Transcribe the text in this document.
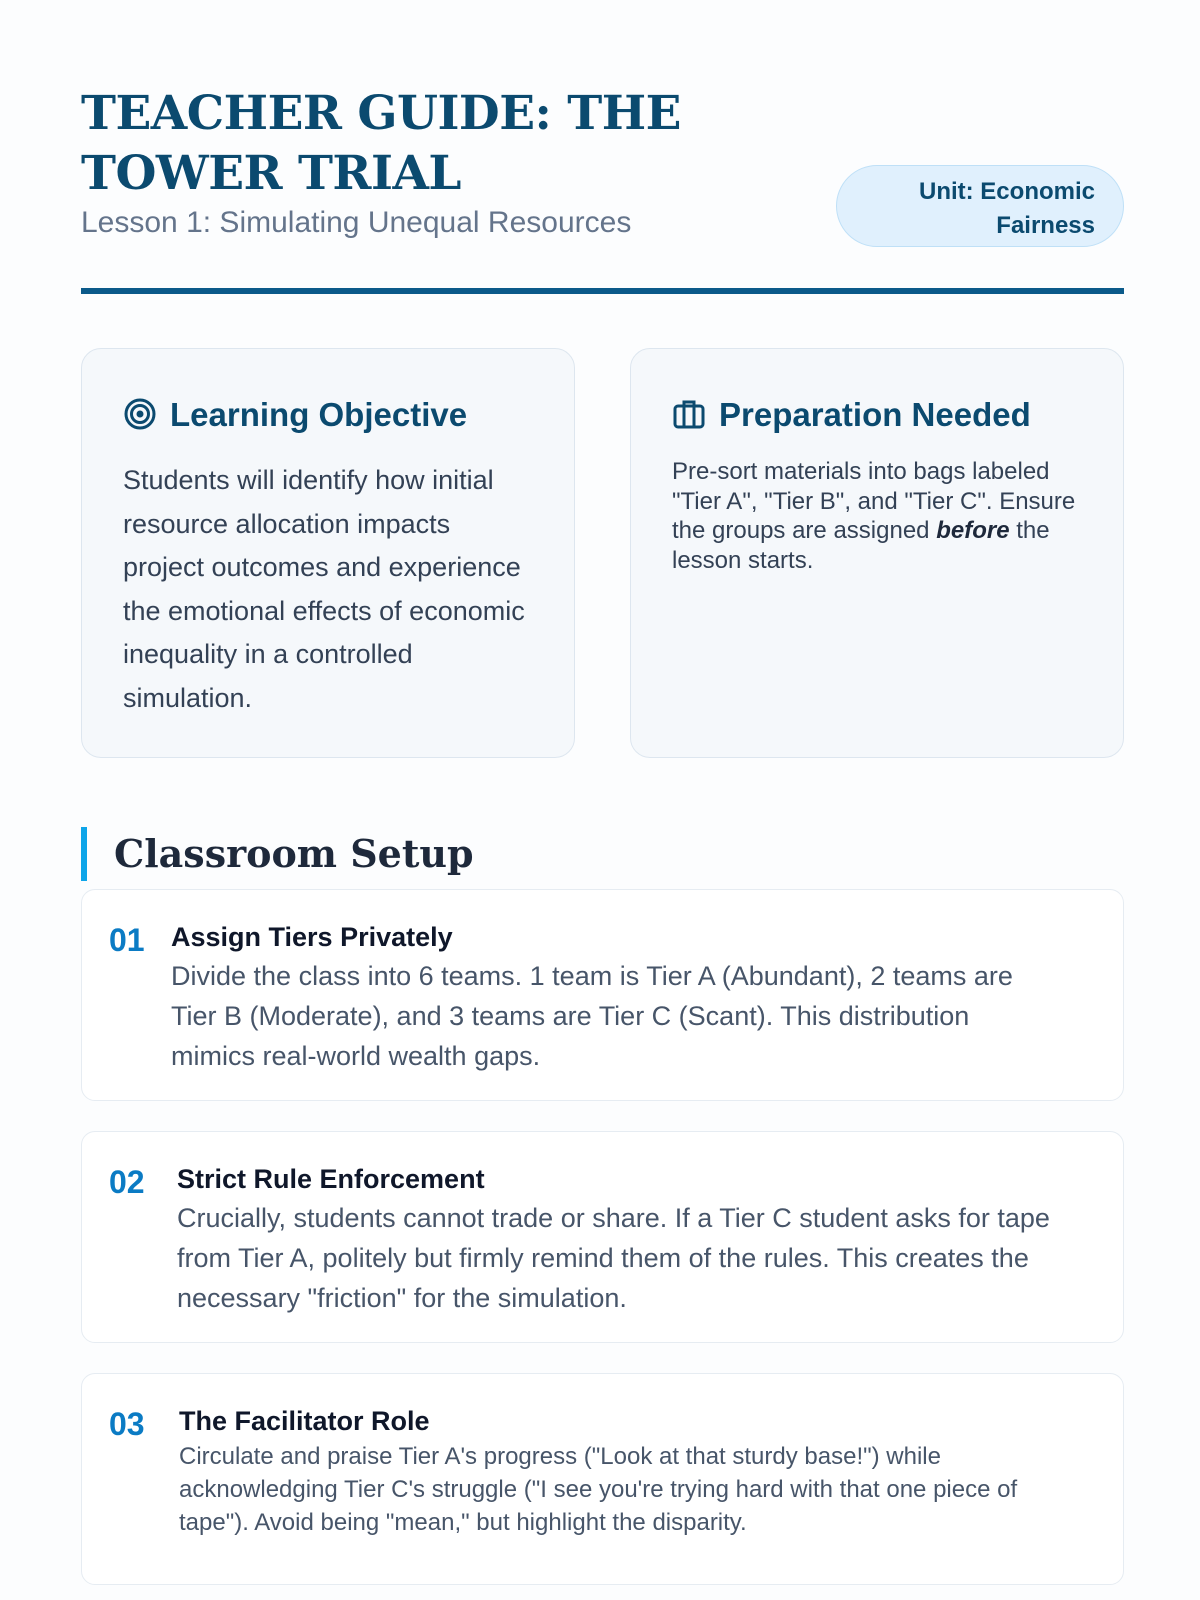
TEACHER GUIDE: THE TOWER TRIAL
Lesson 1: Simulating Unequal Resources
Unit: Economic Fairness
Learning Objective

Students will identify how initial resource allocation impacts project outcomes and experience the emotional effects of economic inequality in a controlled simulation.

Preparation Needed

Pre-sort materials into bags labeled "Tier A", "Tier B", and "Tier C". Ensure the groups are assigned before the lesson starts.

Classroom Setup
01 Assign Tiers Privately

Divide the class into 6 teams. 1 team is Tier A (Abundant), 2 teams are Tier B (Moderate), and 3 teams are Tier C (Scant). This distribution mimics real-world wealth gaps.

02 Strict Rule Enforcement

Crucially, students cannot trade or share. If a Tier C student asks for tape from Tier A, politely but firmly remind them of the rules. This creates the necessary "friction" for the simulation.

03 The Facilitator Role

Circulate and praise Tier A's progress ("Look at that sturdy base!") while acknowledging Tier C's struggle ("I see you're trying hard with that one piece of tape"). Avoid being "mean," but highlight the disparity.
